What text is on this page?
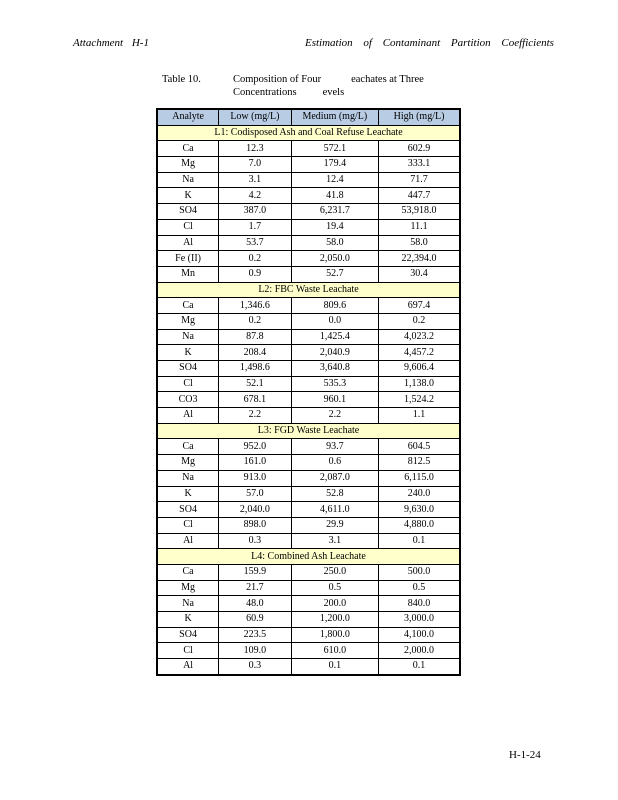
Attachment H-1	Estimation of Contaminant Partition Coefficients
Table 10.	Composition of Four	eachates at Three
Concentrations evels
Analyte	Low (mg/L)	Medium (mg/L)	High (mg/L)
L1: Codisposed Ash and Coal Refuse Leachate			
Ca	12.3	572.1	602.9
Mg	7.0	179.4	333.1
Na	3.1	12.4	71.7
K	4.2	41.8	447.7
SO4	387.0	6,231.7	53,918.0
Cl	1.7	19.4	11.1
Al	53.7	58.0	58.0
Fe (II)	0.2	2,050.0	22,394.0
Mn	0.9	52.7	30.4
L2: FBC Waste Leachate			
Ca	1,346.6	809.6	697.4
Mg	0.2	0.0	0.2
Na	87.8	1,425.4	4,023.2
K	208.4	2,040.9	4,457.2
SO4	1,498.6	3,640.8	9,606.4
Cl	52.1	535.3	1,138.0
CO3	678.1	960.1	1,524.2
Al	2.2	2.2	1.1
L3: FGD Waste Leachate			
Ca	952.0	93.7	604.5
Mg	161.0	0.6	812.5
Na	913.0	2,087.0	6,115.0
K	57.0	52.8	240.0
SO4	2,040.0	4,611.0	9,630.0
Cl	898.0	29.9	4,880.0
Al	0.3	3.1	0.1
L4: Combined Ash Leachate			
Ca	159.9	250.0	500.0
Mg	21.7	0.5	0.5
Na	48.0	200.0	840.0
K	60.9	1,200.0	3,000.0
SO4	223.5	1,800.0	4,100.0
Cl	109.0	610.0	2,000.0
Al	0.3	0.1	0.1
H-1-24
